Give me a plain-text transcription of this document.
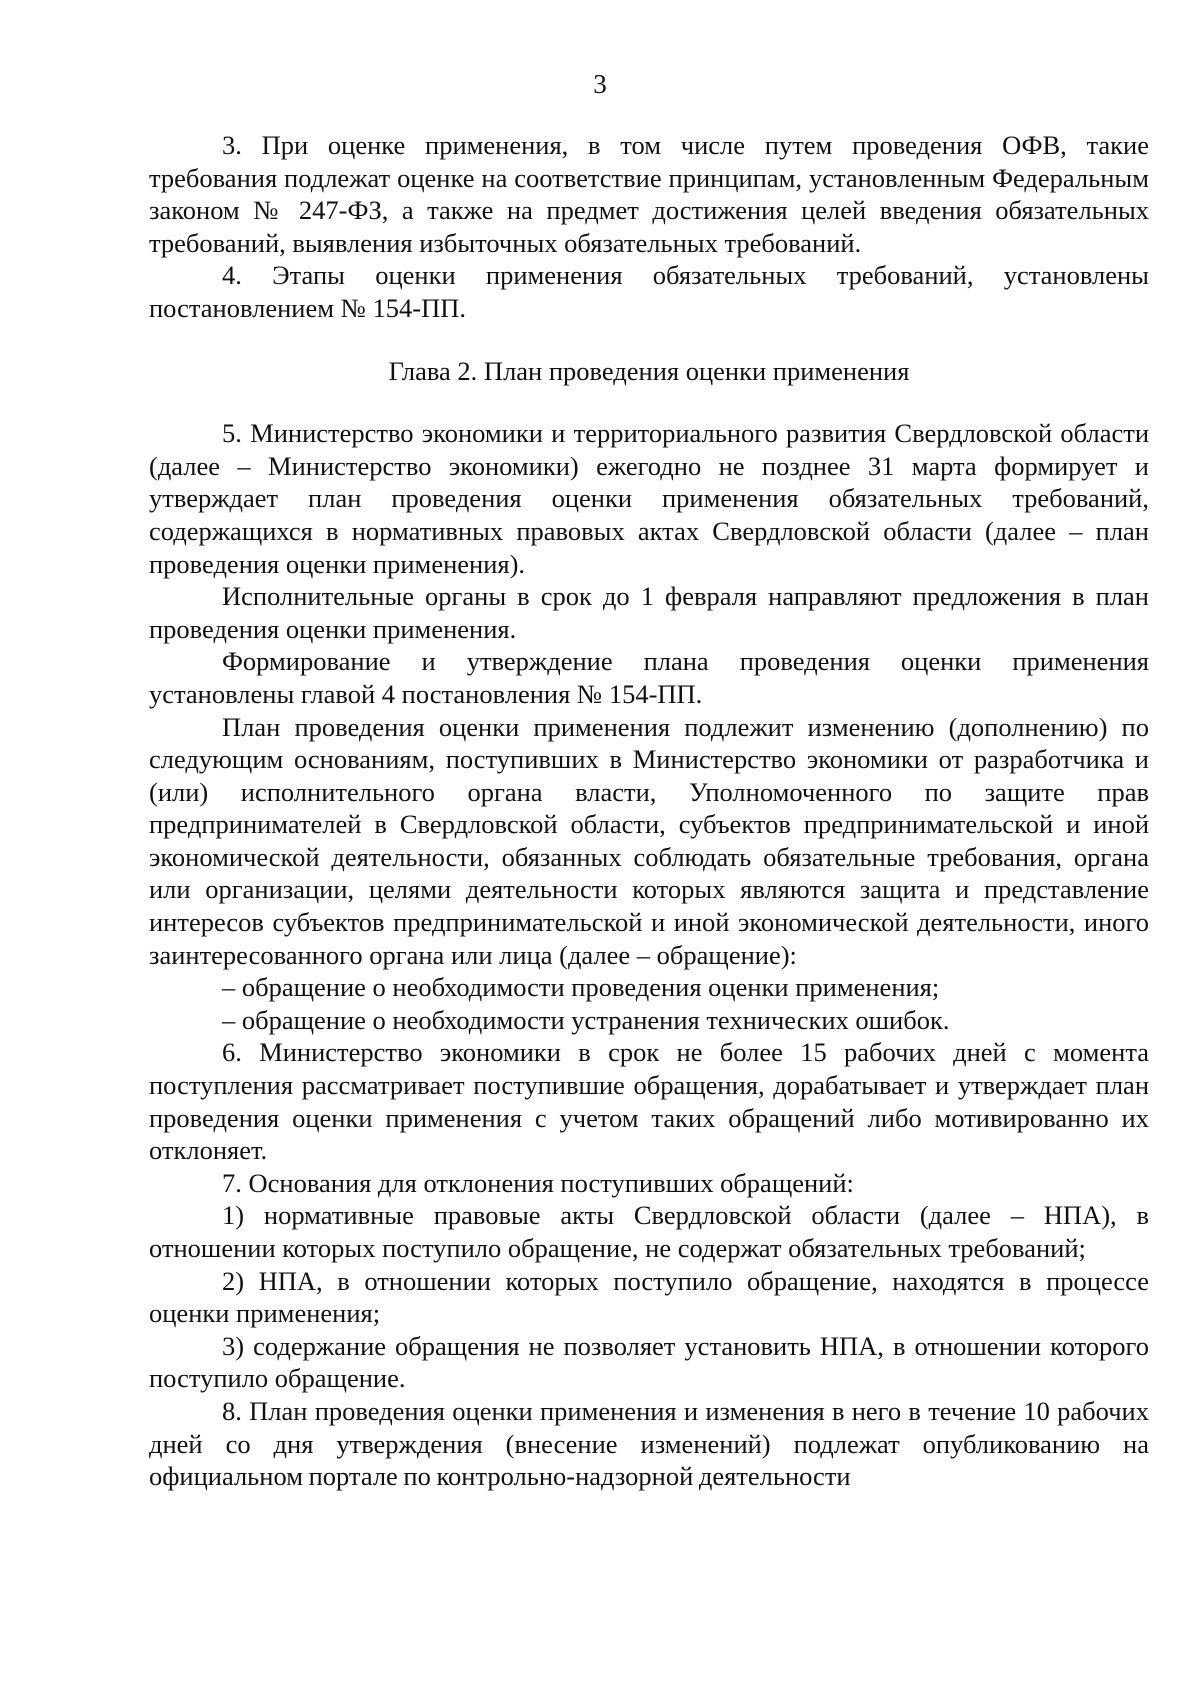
3

3. При оценке применения, в том числе путем проведения ОФВ, такие требования подлежат оценке на соответствие принципам, установленным Федеральным законом № 247-ФЗ, а также на предмет достижения целей введения обязательных требований, выявления избыточных обязательных требований.

4. Этапы оценки применения обязательных требований, установлены постановлением № 154-ПП.

Глава 2. План проведения оценки применения

5. Министерство экономики и территориального развития Свердловской области (далее – Министерство экономики) ежегодно не позднее 31 марта формирует и утверждает план проведения оценки применения обязательных требований, содержащихся в нормативных правовых актах Свердловской области (далее – план проведения оценки применения).

Исполнительные органы в срок до 1 февраля направляют предложения в план проведения оценки применения.

Формирование и утверждение плана проведения оценки применения установлены главой 4 постановления № 154-ПП.

План проведения оценки применения подлежит изменению (дополнению) по следующим основаниям, поступивших в Министерство экономики от разработчика и (или) исполнительного органа власти, Уполномоченного по защите прав предпринимателей в Свердловской области, субъектов предпринимательской и иной экономической деятельности, обязанных соблюдать обязательные требования, органа или организации, целями деятельности которых являются защита и представление интересов субъектов предпринимательской и иной экономической деятельности, иного заинтересованного органа или лица (далее – обращение):

– обращение о необходимости проведения оценки применения;

– обращение о необходимости устранения технических ошибок.

6. Министерство экономики в срок не более 15 рабочих дней с момента поступления рассматривает поступившие обращения, дорабатывает и утверждает план проведения оценки применения с учетом таких обращений либо мотивированно их отклоняет.

7. Основания для отклонения поступивших обращений:

1) нормативные правовые акты Свердловской области (далее – НПА), в отношении которых поступило обращение, не содержат обязательных требований;

2) НПА, в отношении которых поступило обращение, находятся в процессе оценки применения;

3) содержание обращения не позволяет установить НПА, в отношении которого поступило обращение.

8. План проведения оценки применения и изменения в него в течение 10 рабочих дней со дня утверждения (внесение изменений) подлежат опубликованию на официальном портале по контрольно-надзорной деятельности
